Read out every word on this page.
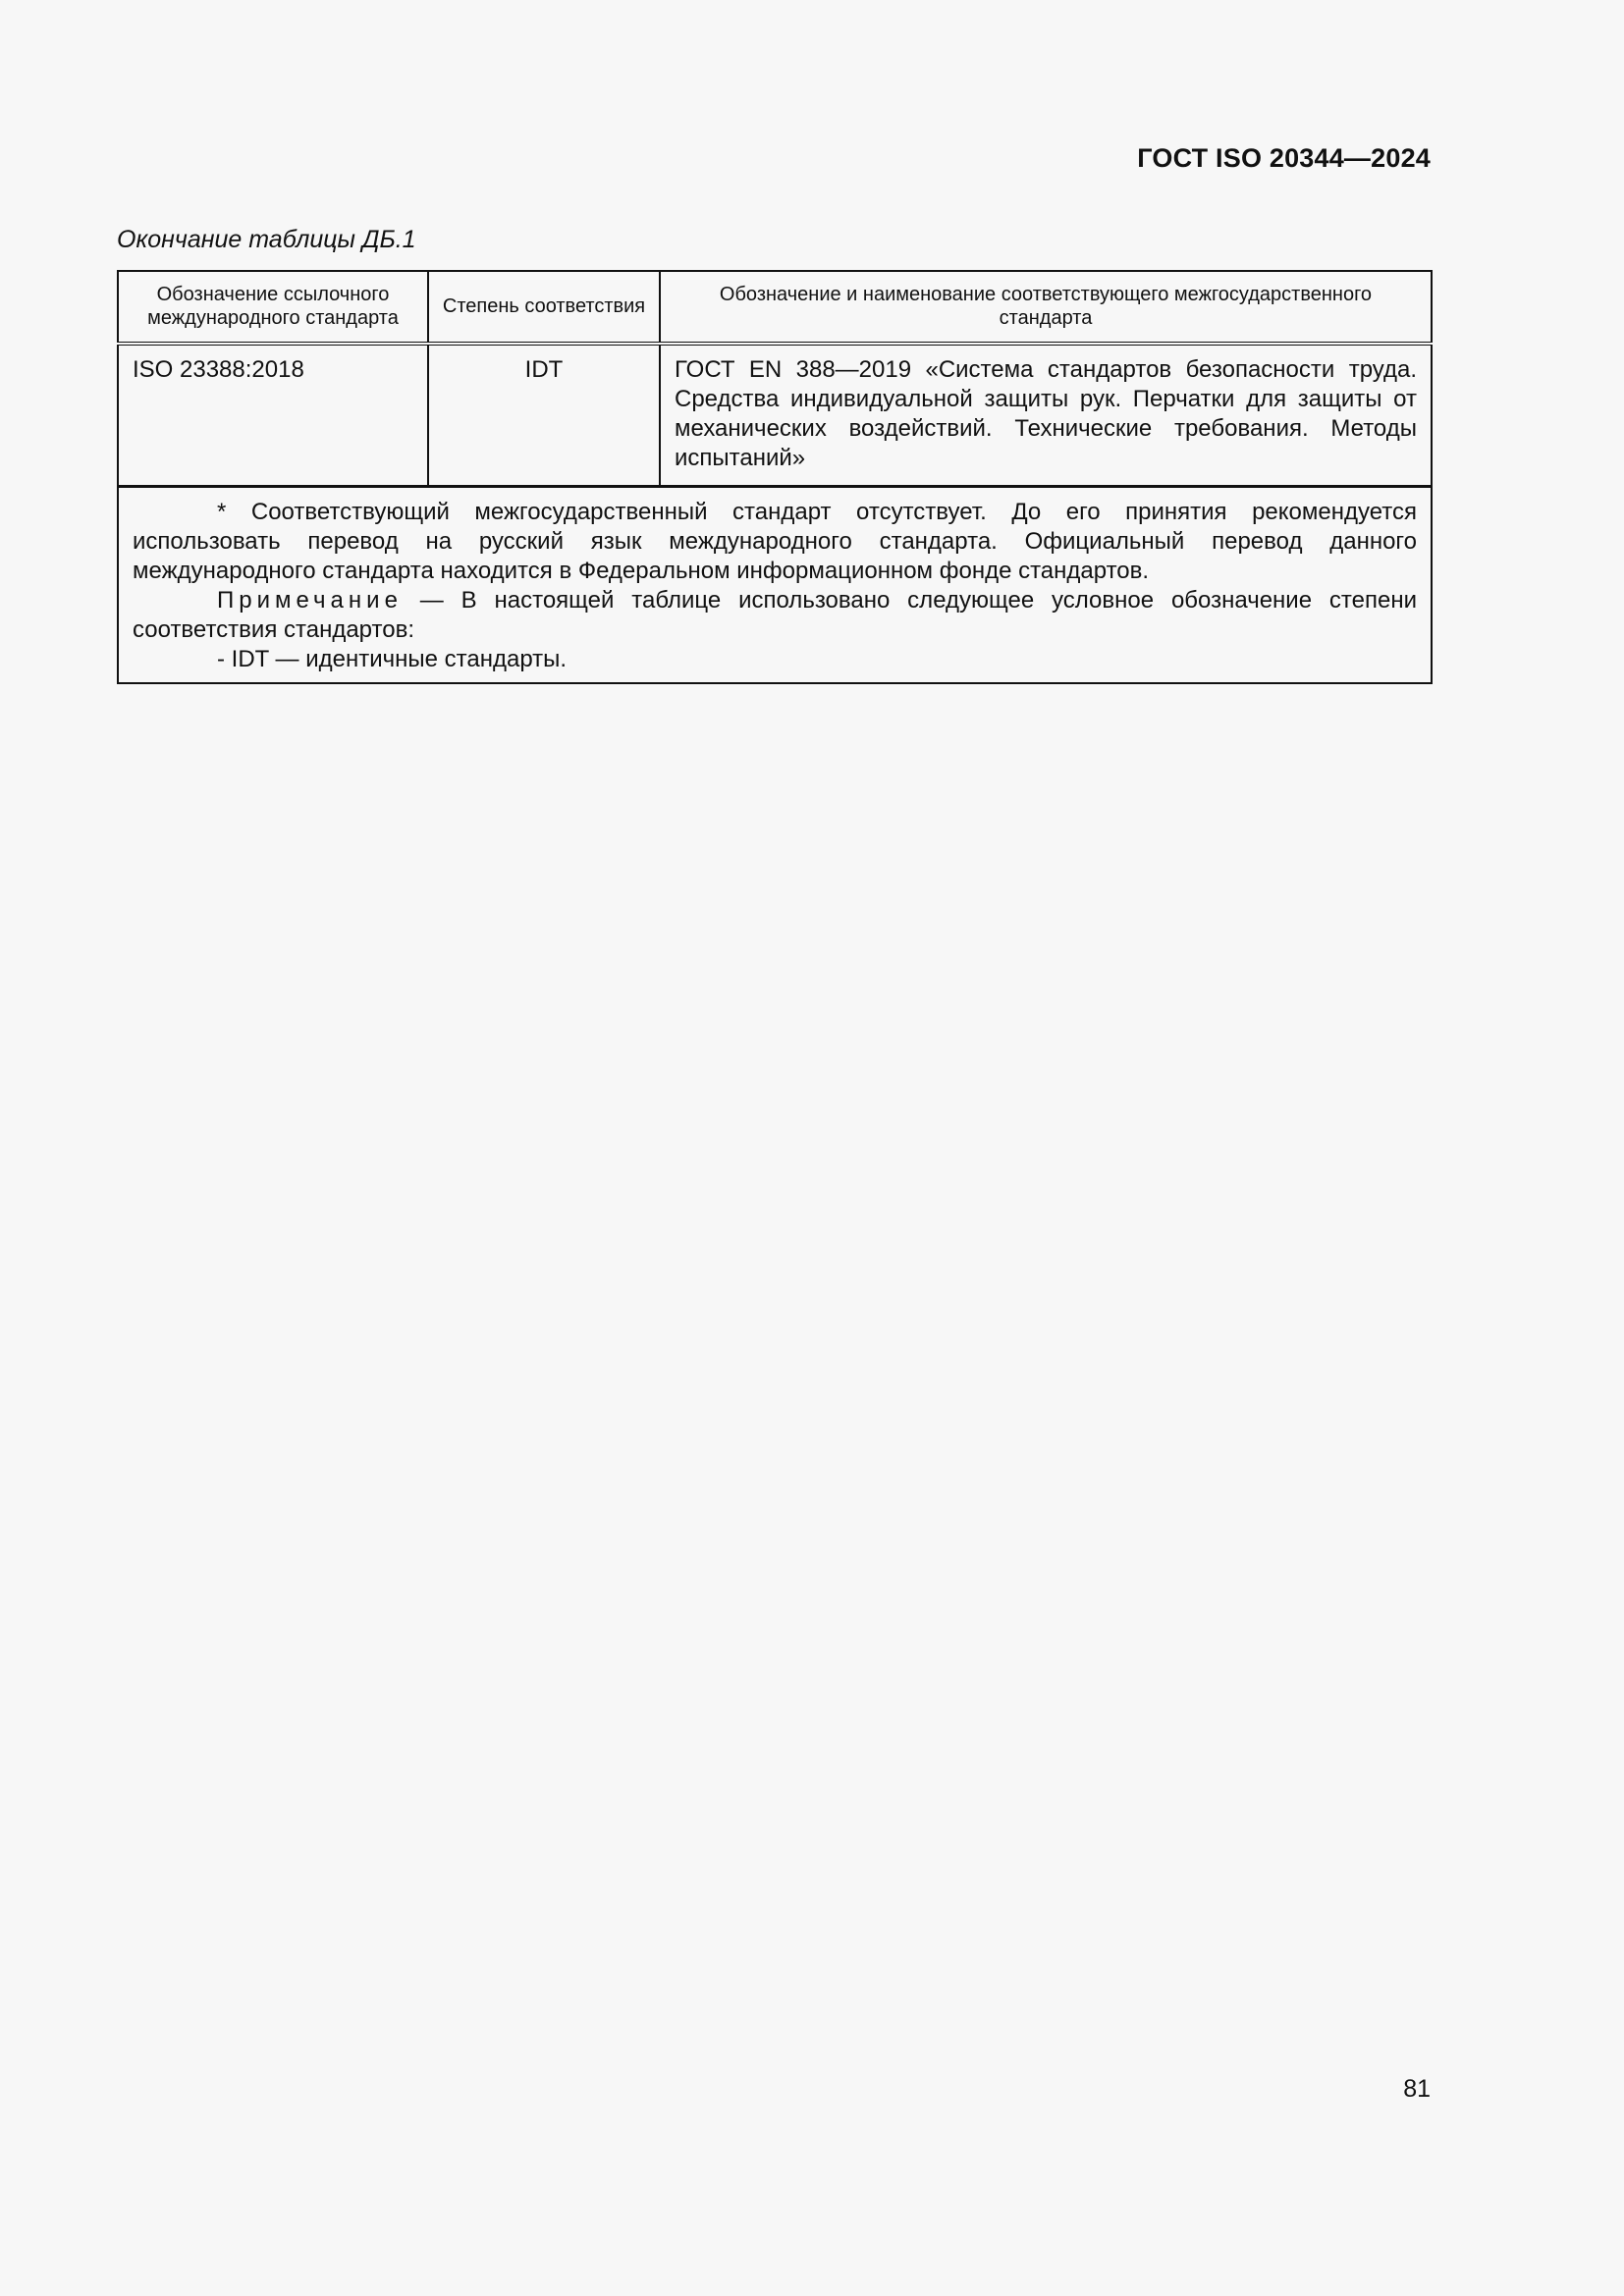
ГОСТ ISO 20344—2024
Окончание таблицы ДБ.1
Обозначение ссылочного международного стандарта	Степень соответствия	Обозначение и наименование соответствующего межгосударственного стандарта
ISO 23388:2018	IDT	ГОСТ EN 388—2019 «Система стандартов безопасности труда. Средства индивидуальной защиты рук. Перчатки для защиты от механических воздействий. Технические требования. Методы испытаний»

* Соответствующий межгосударственный стандарт отсутствует. До его принятия рекомендуется использовать перевод на русский язык международного стандарта. Официальный перевод данного международного стандарта находится в Федеральном информационном фонде стандартов.

Примечание — В настоящей таблице использовано следующее условное обозначение степени соответствия стандартов:

- IDT — идентичные стандарты.		

81
